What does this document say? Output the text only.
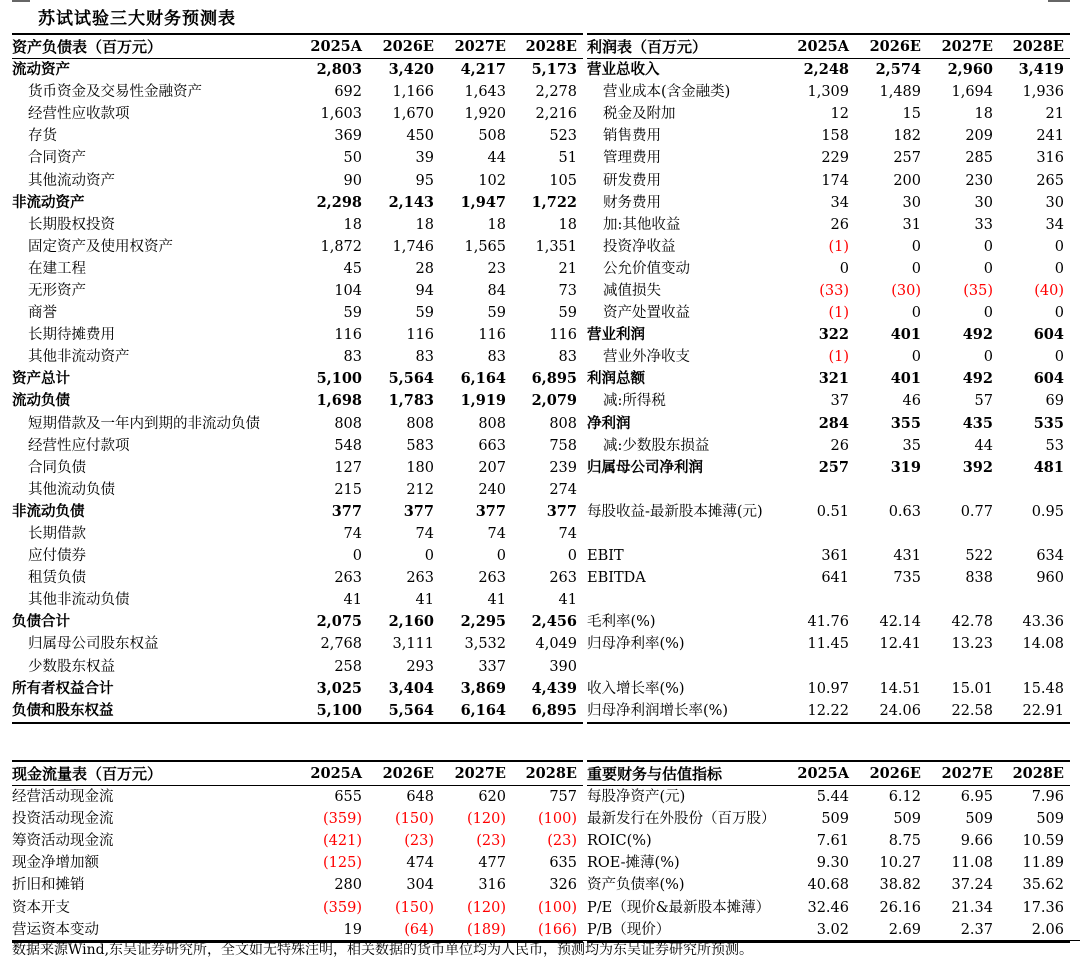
苏试试验三大财务预测表
资产负债表（百万元）	2025A	2026E	2027E	2028E
流动资产	2,803	3,420	4,217	5,173
货币资金及交易性金融资产	692	1,166	1,643	2,278
经营性应收款项	1,603	1,670	1,920	2,216
存货	369	450	508	523
合同资产	50	39	44	51
其他流动资产	90	95	102	105
非流动资产	2,298	2,143	1,947	1,722
长期股权投资	18	18	18	18
固定资产及使用权资产	1,872	1,746	1,565	1,351
在建工程	45	28	23	21
无形资产	104	94	84	73
商誉	59	59	59	59
长期待摊费用	116	116	116	116
其他非流动资产	83	83	83	83
资产总计	5,100	5,564	6,164	6,895
流动负债	1,698	1,783	1,919	2,079
短期借款及一年内到期的非流动负债	808	808	808	808
经营性应付款项	548	583	663	758
合同负债	127	180	207	239
其他流动负债	215	212	240	274
非流动负债	377	377	377	377
长期借款	74	74	74	74
应付债券	0	0	0	0
租赁负债	263	263	263	263
其他非流动负债	41	41	41	41
负债合计	2,075	2,160	2,295	2,456
归属母公司股东权益	2,768	3,111	3,532	4,049
少数股东权益	258	293	337	390
所有者权益合计	3,025	3,404	3,869	4,439
负债和股东权益	5,100	5,564	6,164	6,895
利润表（百万元）	2025A	2026E	2027E	2028E
营业总收入	2,248	2,574	2,960	3,419
营业成本(含金融类)	1,309	1,489	1,694	1,936
税金及附加	12	15	18	21
销售费用	158	182	209	241
管理费用	229	257	285	316
研发费用	174	200	230	265
财务费用	34	30	30	30
加:其他收益	26	31	33	34
投资净收益	(1)	0	0	0
公允价值变动	0	0	0	0
减值损失	(33)	(30)	(35)	(40)
资产处置收益	(1)	0	0	0
营业利润	322	401	492	604
营业外净收支	(1)	0	0	0
利润总额	321	401	492	604
减:所得税	37	46	57	69
净利润	284	355	435	535
减:少数股东损益	26	35	44	53
归属母公司净利润	257	319	392	481

每股收益-最新股本摊薄(元)	0.51	0.63	0.77	0.95

EBIT	361	431	522	634
EBITDA	641	735	838	960

毛利率(%)	41.76	42.14	42.78	43.36
归母净利率(%)	11.45	12.41	13.23	14.08

收入增长率(%)	10.97	14.51	15.01	15.48
归母净利润增长率(%)	12.22	24.06	22.58	22.91
现金流量表（百万元）	2025A	2026E	2027E	2028E
经营活动现金流	655	648	620	757
投资活动现金流	(359)	(150)	(120)	(100)
筹资活动现金流	(421)	(23)	(23)	(23)
现金净增加额	(125)	474	477	635
折旧和摊销	280	304	316	326
资本开支	(359)	(150)	(120)	(100)
营运资本变动	19	(64)	(189)	(166)
重要财务与估值指标	2025A	2026E	2027E	2028E
每股净资产(元)	5.44	6.12	6.95	7.96
最新发行在外股份（百万股）	509	509	509	509
ROIC(%)	7.61	8.75	9.66	10.59
ROE-摊薄(%)	9.30	10.27	11.08	11.89
资产负债率(%)	40.68	38.82	37.24	35.62
P/E（现价&最新股本摊薄）	32.46	26.16	21.34	17.36
P/B（现价）	3.02	2.69	2.37	2.06
数据来源Wind,东吴证券研究所，全文如无特殊注明，相关数据的货币单位均为人民币，预测均为东吴证券研究所预测。
